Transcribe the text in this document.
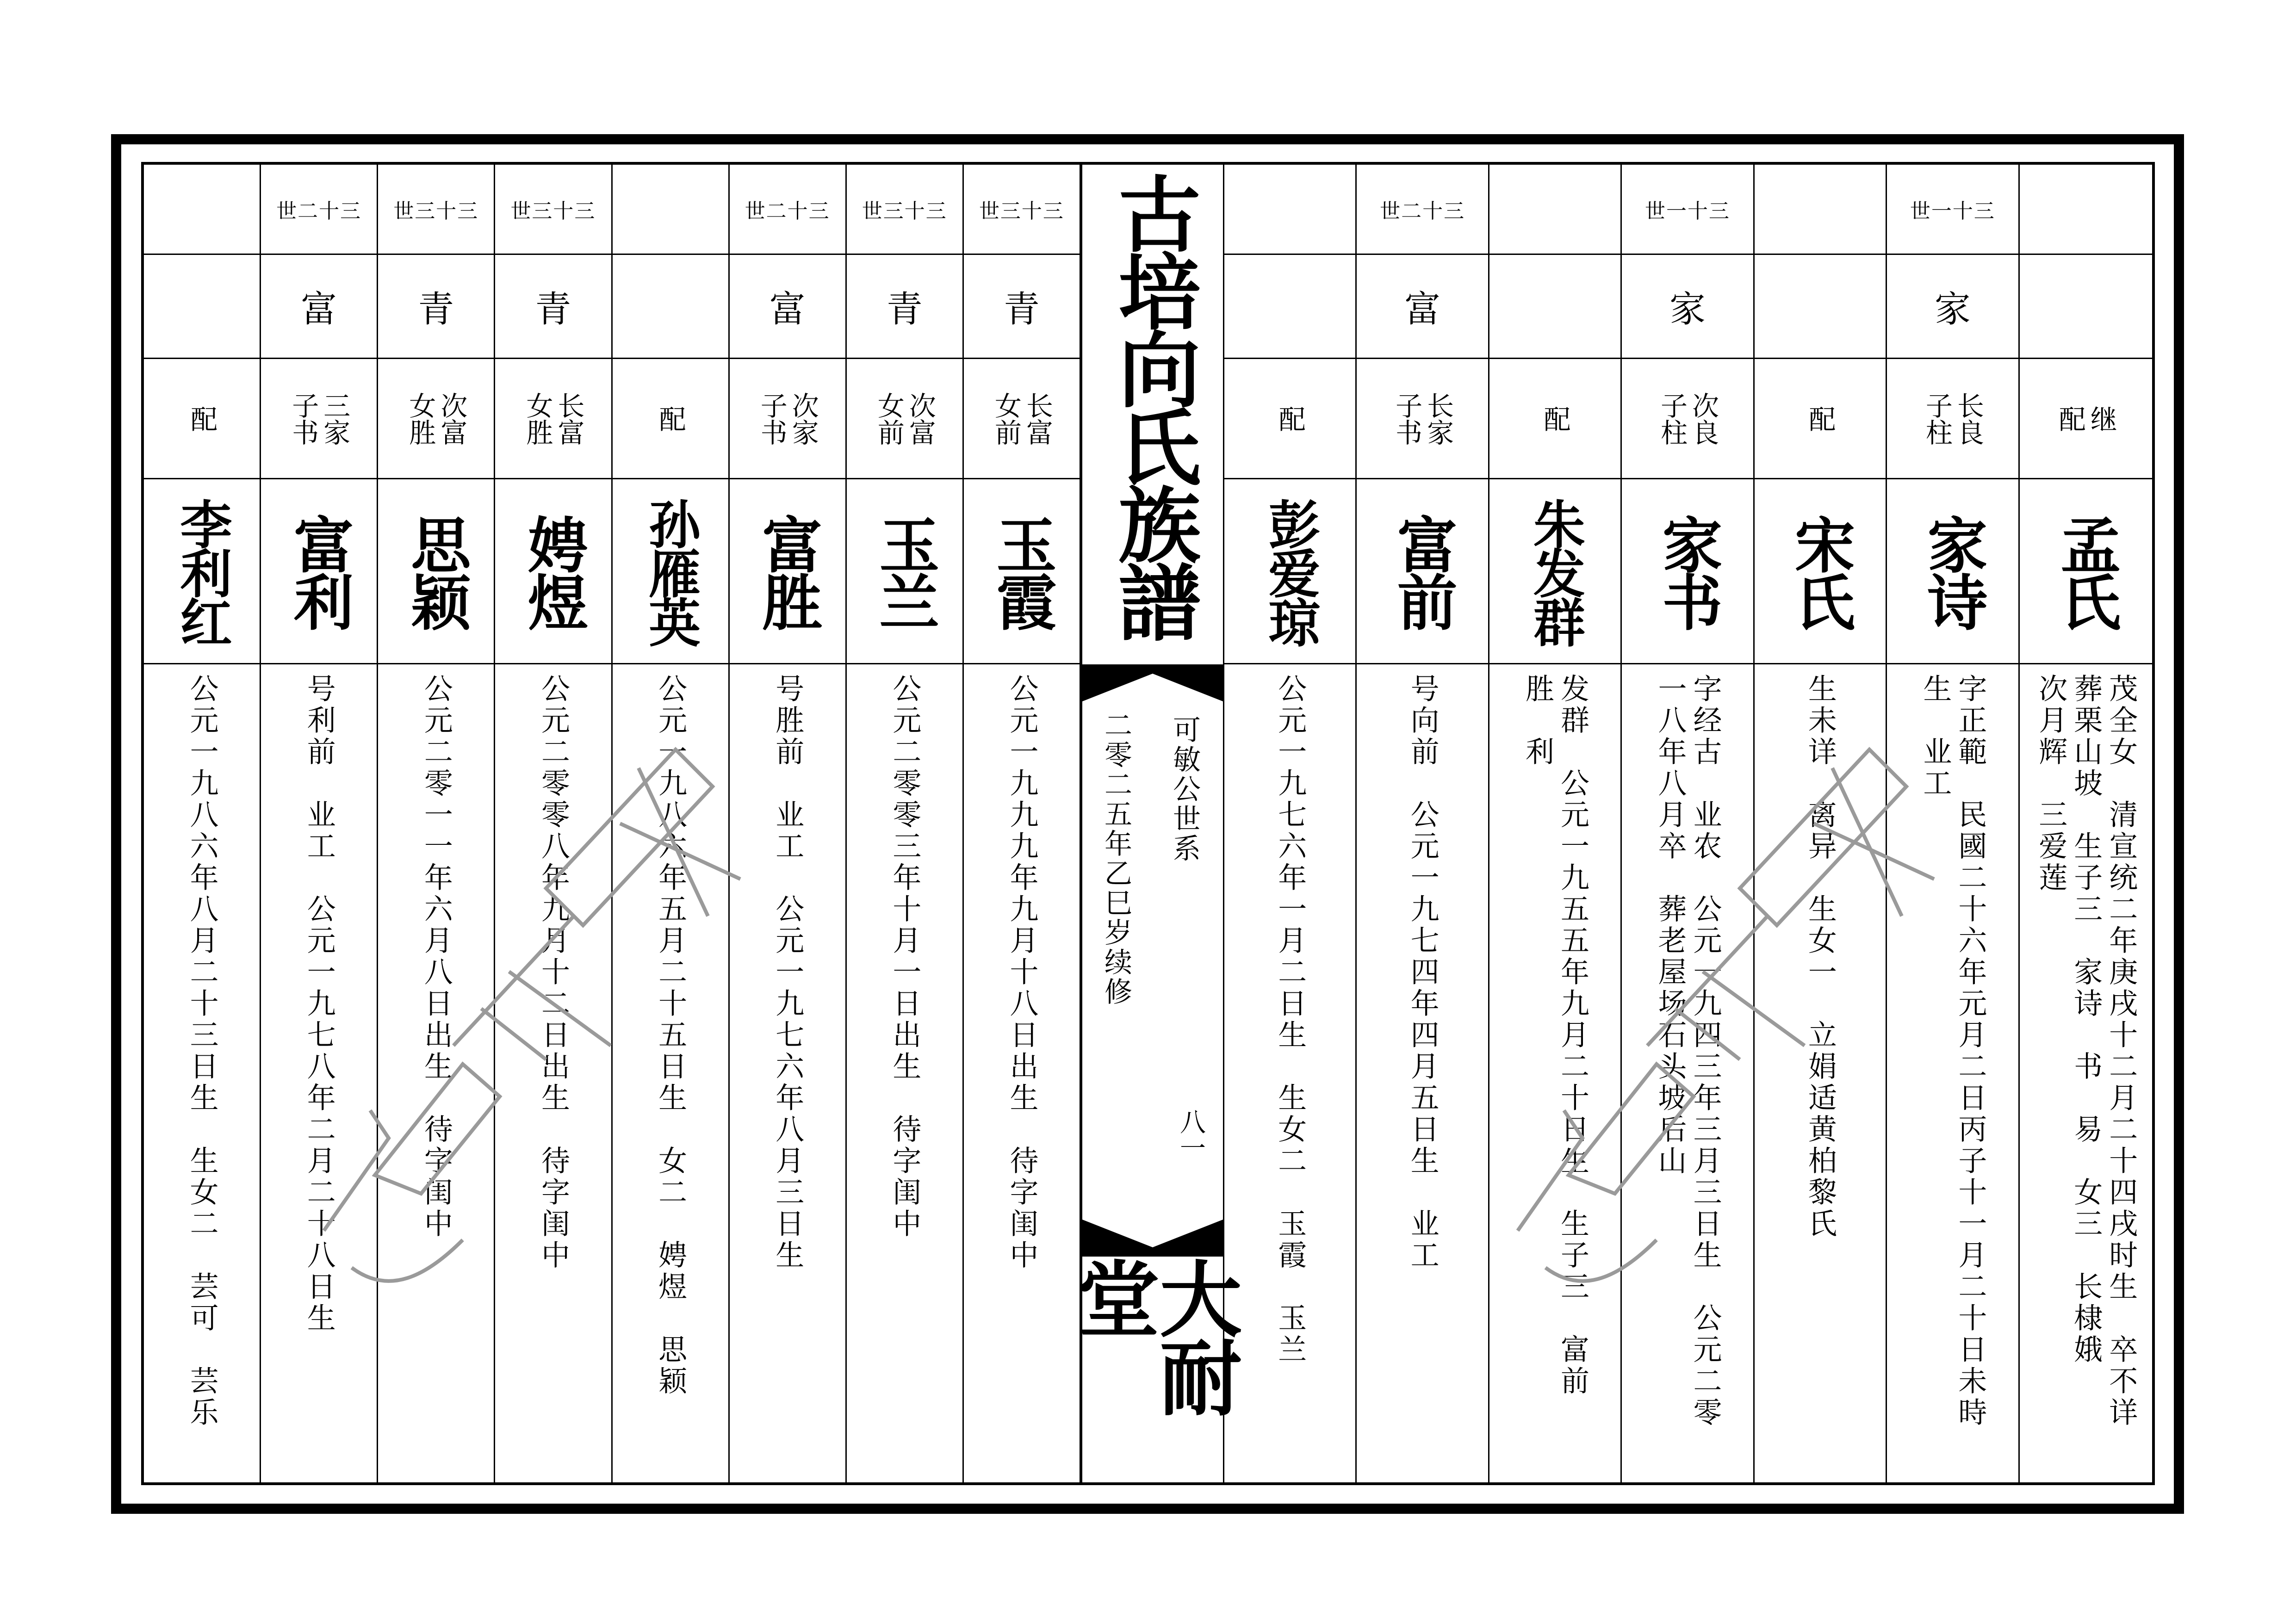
继
配
孟氏
茂全女　清宣统二年庚戌十二月二十四戌时生　卒不详
葬栗山坡　生子三　家诗　书　易　女三　长棣娥
次月辉　三爱莲
世一十三
家
长良
子柱
家诗
字正範　民國二十六年元月二日丙子十一月二十日未時
生　业工
配
宋氏
生未详　离异　生女一　立娟适黄柏黎氏
世一十三
家
次良
子柱
家书
字经古　业农　公元一九四三年三月三日生　公元二零
一八年八月卒　葬老屋场石头坡后山
配
朱发群
发群　公元一九五五年九月二十日生　生子三　富前
胜　利
世二十三
富
长家
子书
富前
号向前　公元一九七四年四月五日生　业工
配
彭爱琼
公元一九七六年一月二日生　生女二　玉霞　玉兰
世三十三
青
长富
女前
玉霞
公元一九九九年九月十八日出生　待字闺中
世三十三
青
次富
女前
玉兰
公元二零零三年十月一日出生　待字闺中
世二十三
富
次家
子书
富胜
号胜前　业工　公元一九七六年八月三日生
配
孙雁英
公元一九八六年五月二十五日生　女二　娉煜　思颖
世三十三
青
长富
女胜
娉煜
公元二零零八年九月十二日出生　待字闺中
世三十三
青
次富
女胜
思颖
公元二零一一年六月八日出生　待字闺中
世二十三
富
三家
子书
富利
号利前　业工　公元一九七八年二月二十八日生
配
李利红
公元一九八六年八月二十三日生　生女二　芸可　芸乐
古培向氏族譜
可敏公世系
二零二五年乙巳岁续修
八一
大耐堂
